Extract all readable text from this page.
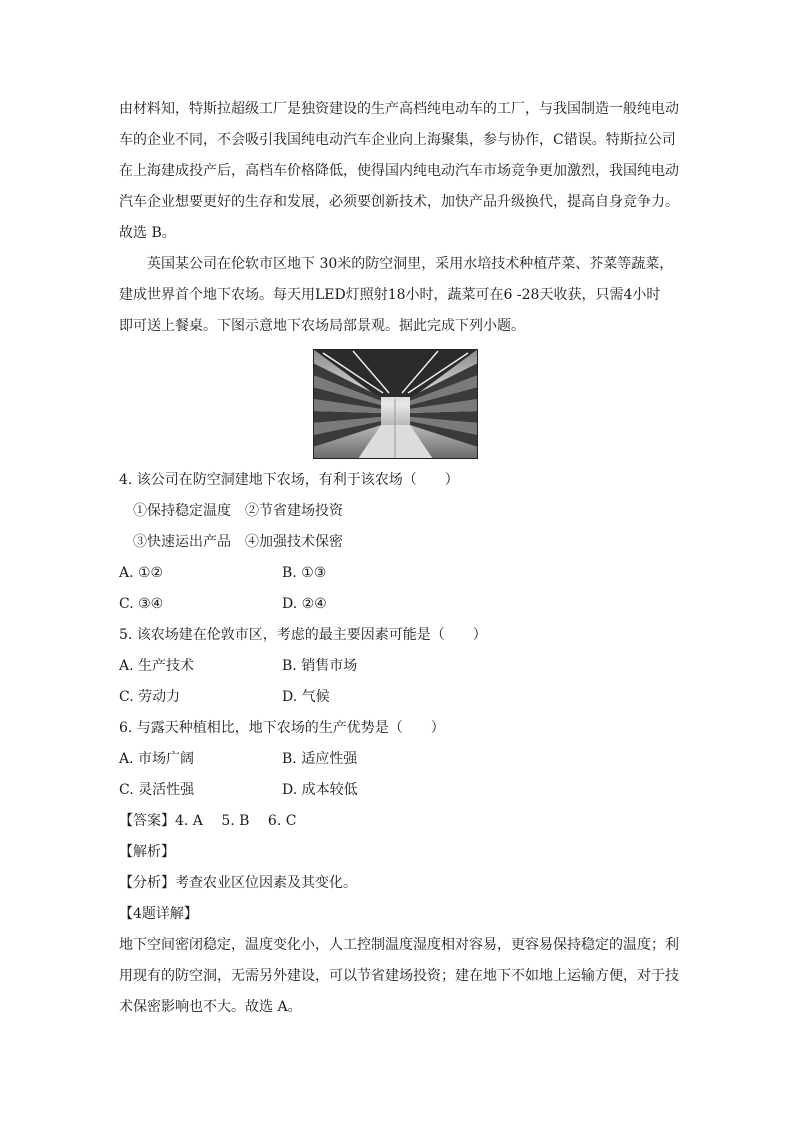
由材料知，特斯拉超级工厂是独资建设的生产高档纯电动车的工厂，与我国制造一般纯电动
车的企业不同，不会吸引我国纯电动汽车企业向上海聚集，参与协作，C错误。特斯拉公司
在上海建成投产后，高档车价格降低，使得国内纯电动汽车市场竞争更加激烈，我国纯电动
汽车企业想要更好的生存和发展，必须要创新技术，加快产品升级换代，提高自身竞争力。
故选 B。
英国某公司在伦软市区地下 30米的防空洞里，采用水培技术种植芹菜、芥菜等蔬菜，
建成世界首个地下农场。每天用LED灯照射18小时，蔬菜可在6 -28天收获，只需4小时
即可送上餐桌。下图示意地下农场局部景观。据此完成下列小题。
4. 该公司在防空洞建地下农场，有利于该农场（　　）
①保持稳定温度　②节省建场投资
③快速运出产品　④加强技术保密
A. ①②	B. ①③
C. ③④	D. ②④
5. 该农场建在伦敦市区，考虑的最主要因素可能是（　　）
A. 生产技术	B. 销售市场
C. 劳动力	D. 气候
6. 与露天种植相比，地下农场的生产优势是（　　）
A. 市场广阔	B. 适应性强
C. 灵活性强	D. 成本较低
【答案】4. A　 5. B　 6. C
【解析】
【分析】考查农业区位因素及其变化。
【4题详解】
地下空间密闭稳定，温度变化小，人工控制温度湿度相对容易，更容易保持稳定的温度；利
用现有的防空洞，无需另外建设，可以节省建场投资；建在地下不如地上运输方便，对于技
术保密影响也不大。故选 A。
